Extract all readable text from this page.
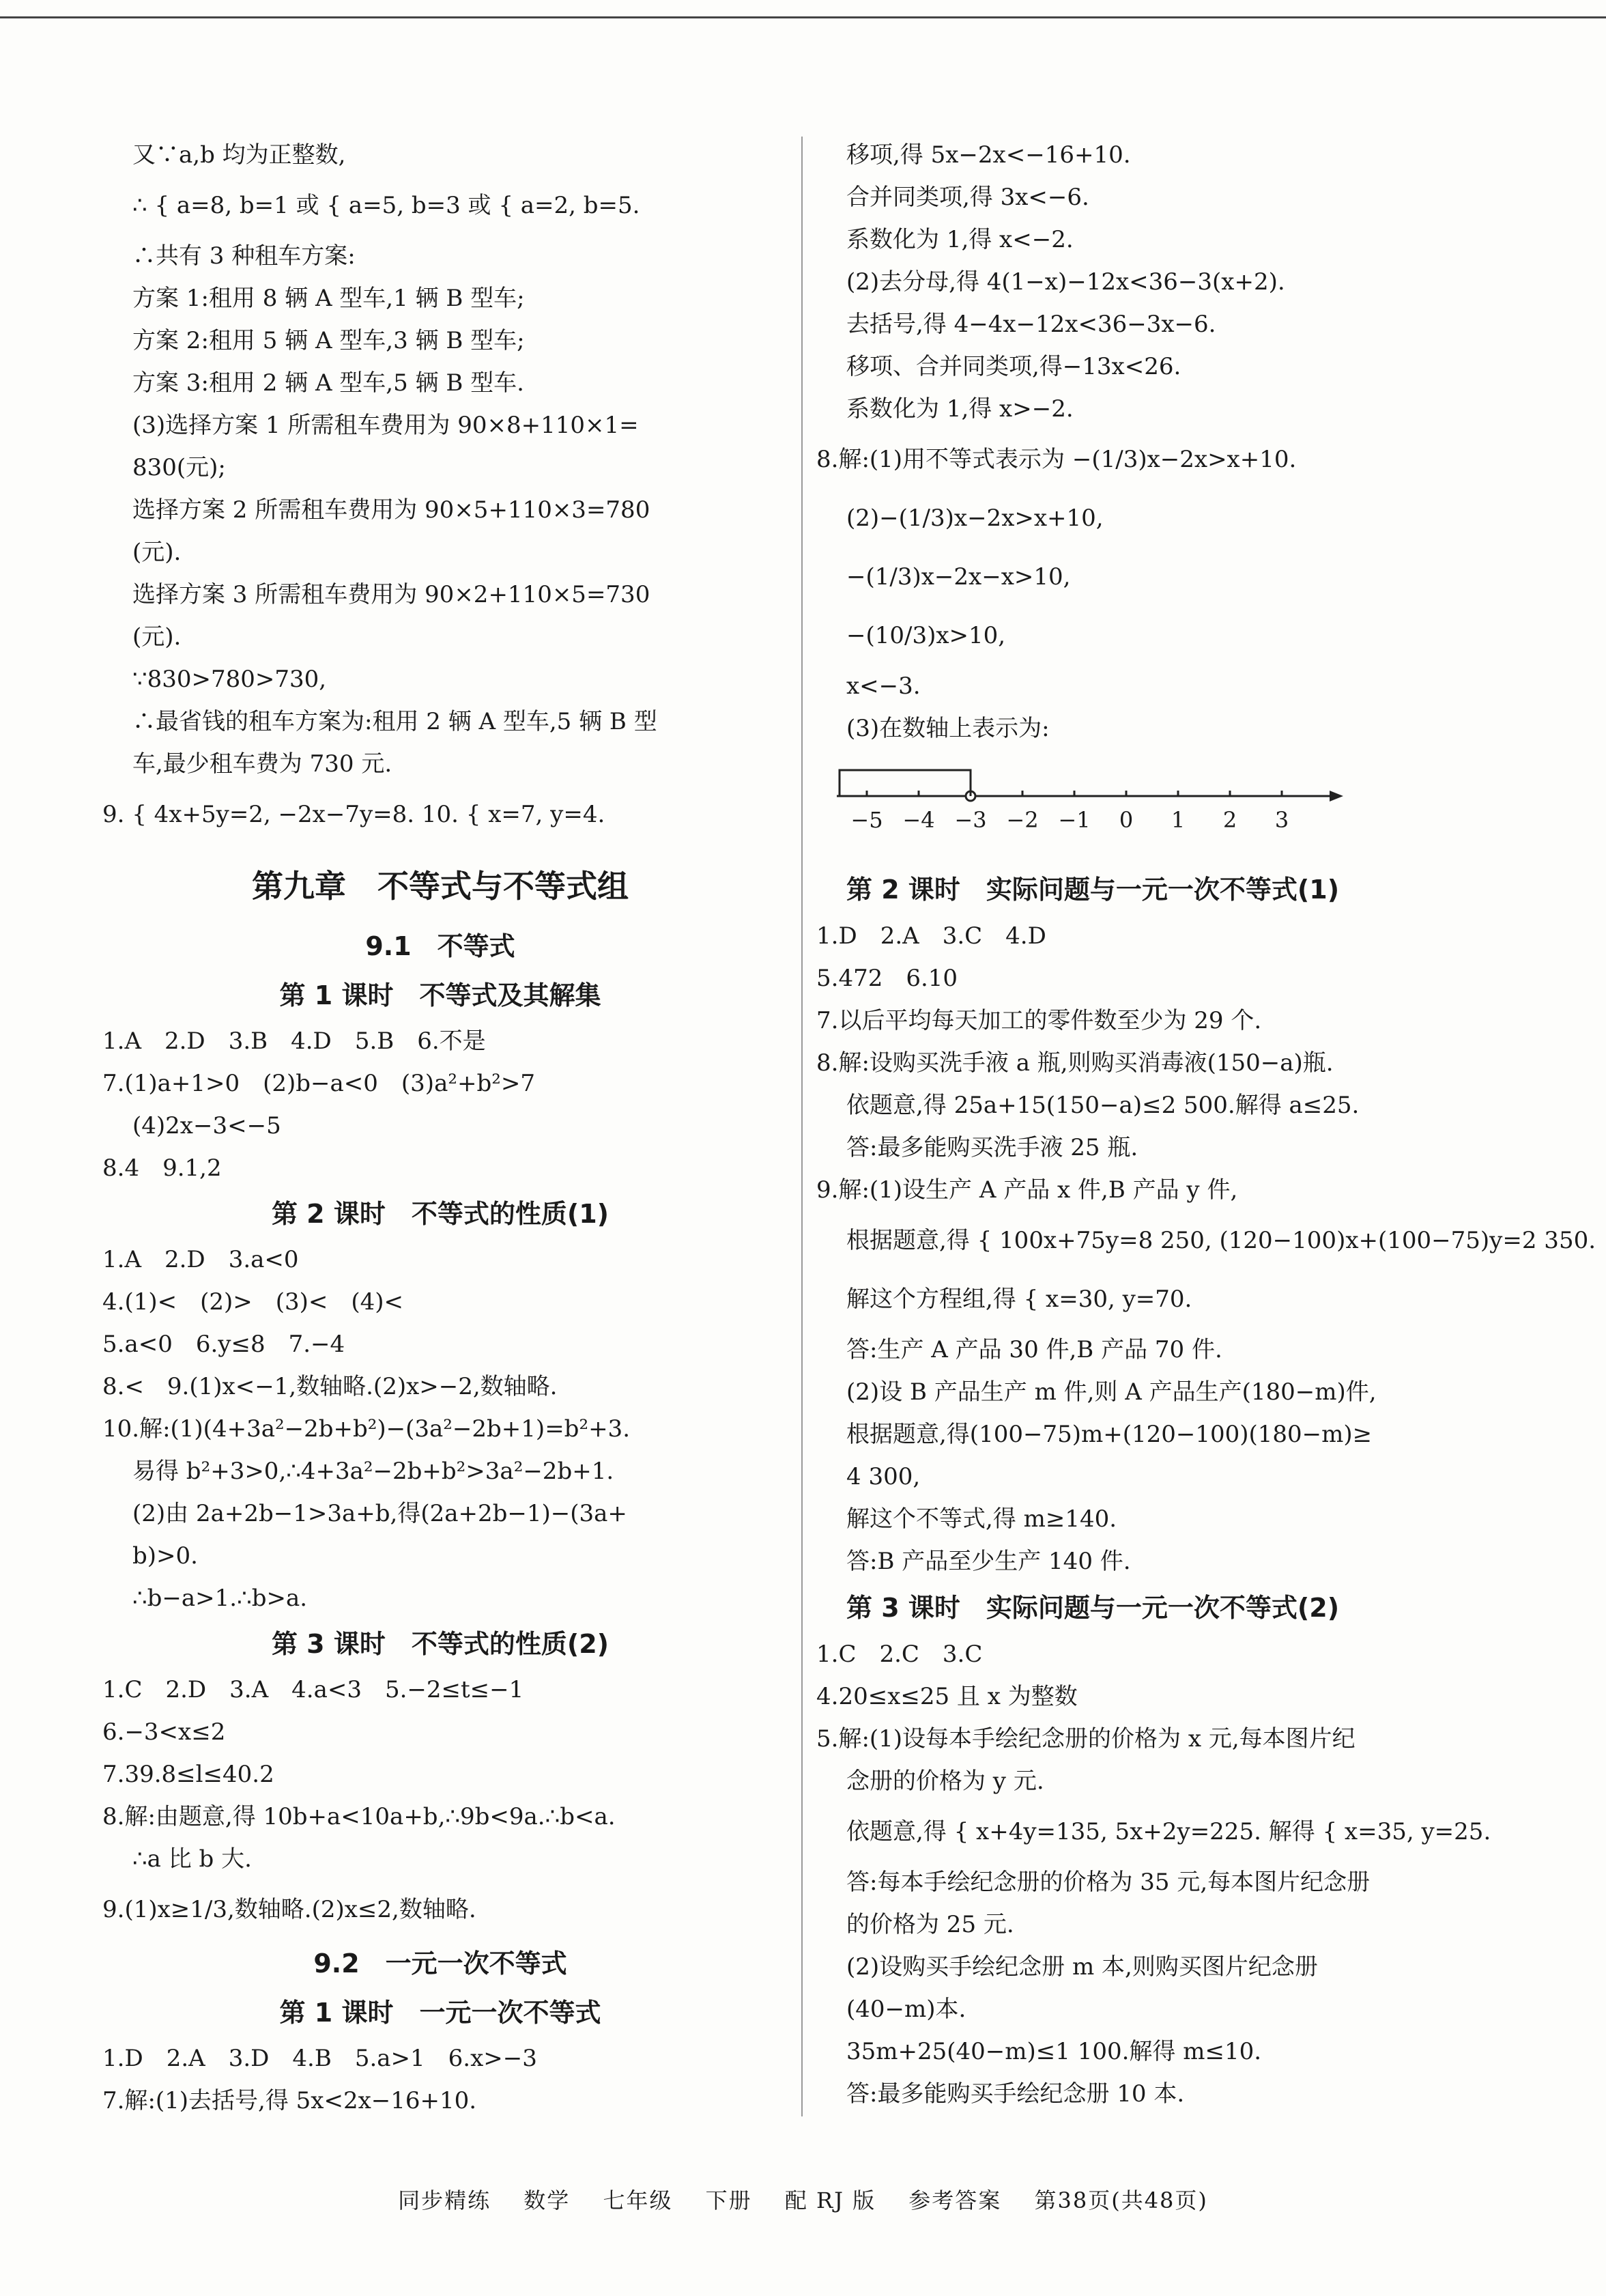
又∵a,b 均为正整数,
∴ { a=8, b=1 或 { a=5, b=3 或 { a=2, b=5.
∴共有 3 种租车方案:
方案 1:租用 8 辆 A 型车,1 辆 B 型车;
方案 2:租用 5 辆 A 型车,3 辆 B 型车;
方案 3:租用 2 辆 A 型车,5 辆 B 型车.
(3)选择方案 1 所需租车费用为 90×8+110×1=
830(元);
选择方案 2 所需租车费用为 90×5+110×3=780
(元).
选择方案 3 所需租车费用为 90×2+110×5=730
(元).
∵830>780>730,
∴最省钱的租车方案为:租用 2 辆 A 型车,5 辆 B 型
车,最少租车费为 730 元.
9. { 4x+5y=2, −2x−7y=8. 10. { x=7, y=4.
第九章　不等式与不等式组
9.1　不等式
第 1 课时　不等式及其解集
1.A　2.D　3.B　4.D　5.B　6.不是
7.(1)a+1>0　(2)b−a<0　(3)a²+b²>7
(4)2x−3<−5
8.4　9.1,2
第 2 课时　不等式的性质(1)
1.A　2.D　3.a<0
4.(1)<　(2)>　(3)<　(4)<
5.a<0　6.y≤8　7.−4
8.<　9.(1)x<−1,数轴略.(2)x>−2,数轴略.
10.解:(1)(4+3a²−2b+b²)−(3a²−2b+1)=b²+3.
易得 b²+3>0,∴4+3a²−2b+b²>3a²−2b+1.
(2)由 2a+2b−1>3a+b,得(2a+2b−1)−(3a+
b)>0.
∴b−a>1.∴b>a.
第 3 课时　不等式的性质(2)
1.C　2.D　3.A　4.a<3　5.−2≤t≤−1
6.−3<x≤2
7.39.8≤l≤40.2
8.解:由题意,得 10b+a<10a+b,∴9b<9a.∴b<a.
∴a 比 b 大.
9.(1)x≥1/3,数轴略.(2)x≤2,数轴略.
9.2　一元一次不等式
第 1 课时　一元一次不等式
1.D　2.A　3.D　4.B　5.a>1　6.x>−3
7.解:(1)去括号,得 5x<2x−16+10.
移项,得 5x−2x<−16+10.
合并同类项,得 3x<−6.
系数化为 1,得 x<−2.
(2)去分母,得 4(1−x)−12x<36−3(x+2).
去括号,得 4−4x−12x<36−3x−6.
移项、合并同类项,得−13x<26.
系数化为 1,得 x>−2.
8.解:(1)用不等式表示为 −(1/3)x−2x>x+10.
(2)−(1/3)x−2x>x+10,
−(1/3)x−2x−x>10,
−(10/3)x>10,
x<−3.
(3)在数轴上表示为:
−5 −4 −3 −2 −1 0 1 2 3
第 2 课时　实际问题与一元一次不等式(1)
1.D　2.A　3.C　4.D
5.472　6.10
7.以后平均每天加工的零件数至少为 29 个.
8.解:设购买洗手液 a 瓶,则购买消毒液(150−a)瓶.
依题意,得 25a+15(150−a)≤2 500.解得 a≤25.
答:最多能购买洗手液 25 瓶.
9.解:(1)设生产 A 产品 x 件,B 产品 y 件,
根据题意,得 { 100x+75y=8 250, (120−100)x+(100−75)y=2 350.
解这个方程组,得 { x=30, y=70.
答:生产 A 产品 30 件,B 产品 70 件.
(2)设 B 产品生产 m 件,则 A 产品生产(180−m)件,
根据题意,得(100−75)m+(120−100)(180−m)≥
4 300,
解这个不等式,得 m≥140.
答:B 产品至少生产 140 件.
第 3 课时　实际问题与一元一次不等式(2)
1.C　2.C　3.C
4.20≤x≤25 且 x 为整数
5.解:(1)设每本手绘纪念册的价格为 x 元,每本图片纪
念册的价格为 y 元.
依题意,得 { x+4y=135, 5x+2y=225. 解得 { x=35, y=25.
答:每本手绘纪念册的价格为 35 元,每本图片纪念册
的价格为 25 元.
(2)设购买手绘纪念册 m 本,则购买图片纪念册
(40−m)本.
35m+25(40−m)≤1 100.解得 m≤10.
答:最多能购买手绘纪念册 10 本.
同步精练 数学 七年级 下册 配 RJ 版 参考答案 第38页(共48页)
